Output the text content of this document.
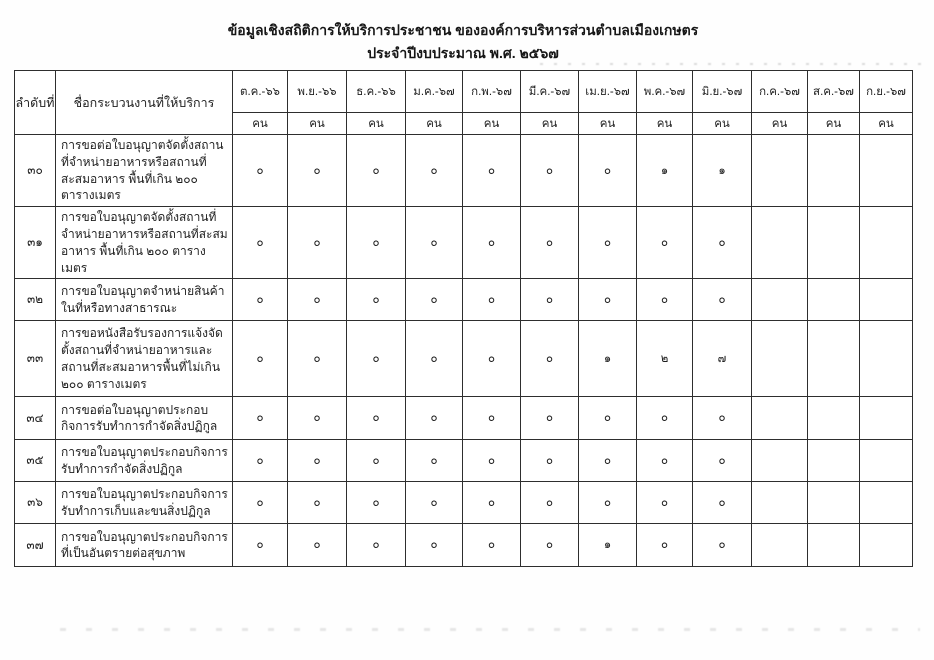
ข้อมูลเชิงสถิติการให้บริการประชาชน ขององค์การบริหารส่วนตำบลเมืองเกษตร
ประจำปีงบประมาณ พ.ศ. ๒๕๖๗
ลำดับที่	ชื่อกระบวนงานที่ให้บริการ	ต.ค.-๖๖	พ.ย.-๖๖	ธ.ค.-๖๖	ม.ค.-๖๗	ก.พ.-๖๗	มี.ค.-๖๗	เม.ย.-๖๗	พ.ค.-๖๗	มิ.ย.-๖๗	ก.ค.-๖๗	ส.ค.-๖๗	ก.ย.-๖๗
		คน	คน	คน	คน	คน	คน	คน	คน	คน	คน	คน	คน
๓๐	การขอต่อใบอนุญาตจัดตั้งสถานที่จำหน่ายอาหารหรือสถานที่สะสมอาหาร พื้นที่เกิน ๒๐๐ ตารางเมตร	๐	๐	๐	๐	๐	๐	๐	๑	๑			
๓๑	การขอใบอนุญาตจัดตั้งสถานที่จำหน่ายอาหารหรือสถานที่สะสมอาหาร พื้นที่เกิน ๒๐๐ ตารางเมตร	๐	๐	๐	๐	๐	๐	๐	๐	๐			
๓๒	การขอใบอนุญาตจำหน่ายสินค้าในที่หรือทางสาธารณะ	๐	๐	๐	๐	๐	๐	๐	๐	๐			
๓๓	การขอหนังสือรับรองการแจ้งจัดตั้งสถานที่จำหน่ายอาหารและสถานที่สะสมอาหารพื้นที่ไม่เกิน ๒๐๐ ตารางเมตร	๐	๐	๐	๐	๐	๐	๑	๒	๗			
๓๔	การขอต่อใบอนุญาตประกอบกิจการรับทำการกำจัดสิ่งปฏิกูล	๐	๐	๐	๐	๐	๐	๐	๐	๐			
๓๕	การขอใบอนุญาตประกอบกิจการรับทำการกำจัดสิ่งปฏิกูล	๐	๐	๐	๐	๐	๐	๐	๐	๐			
๓๖	การขอใบอนุญาตประกอบกิจการรับทำการเก็บและขนสิ่งปฏิกูล	๐	๐	๐	๐	๐	๐	๐	๐	๐			
๓๗	การขอใบอนุญาตประกอบกิจการที่เป็นอันตรายต่อสุขภาพ	๐	๐	๐	๐	๐	๐	๑	๐	๐			
